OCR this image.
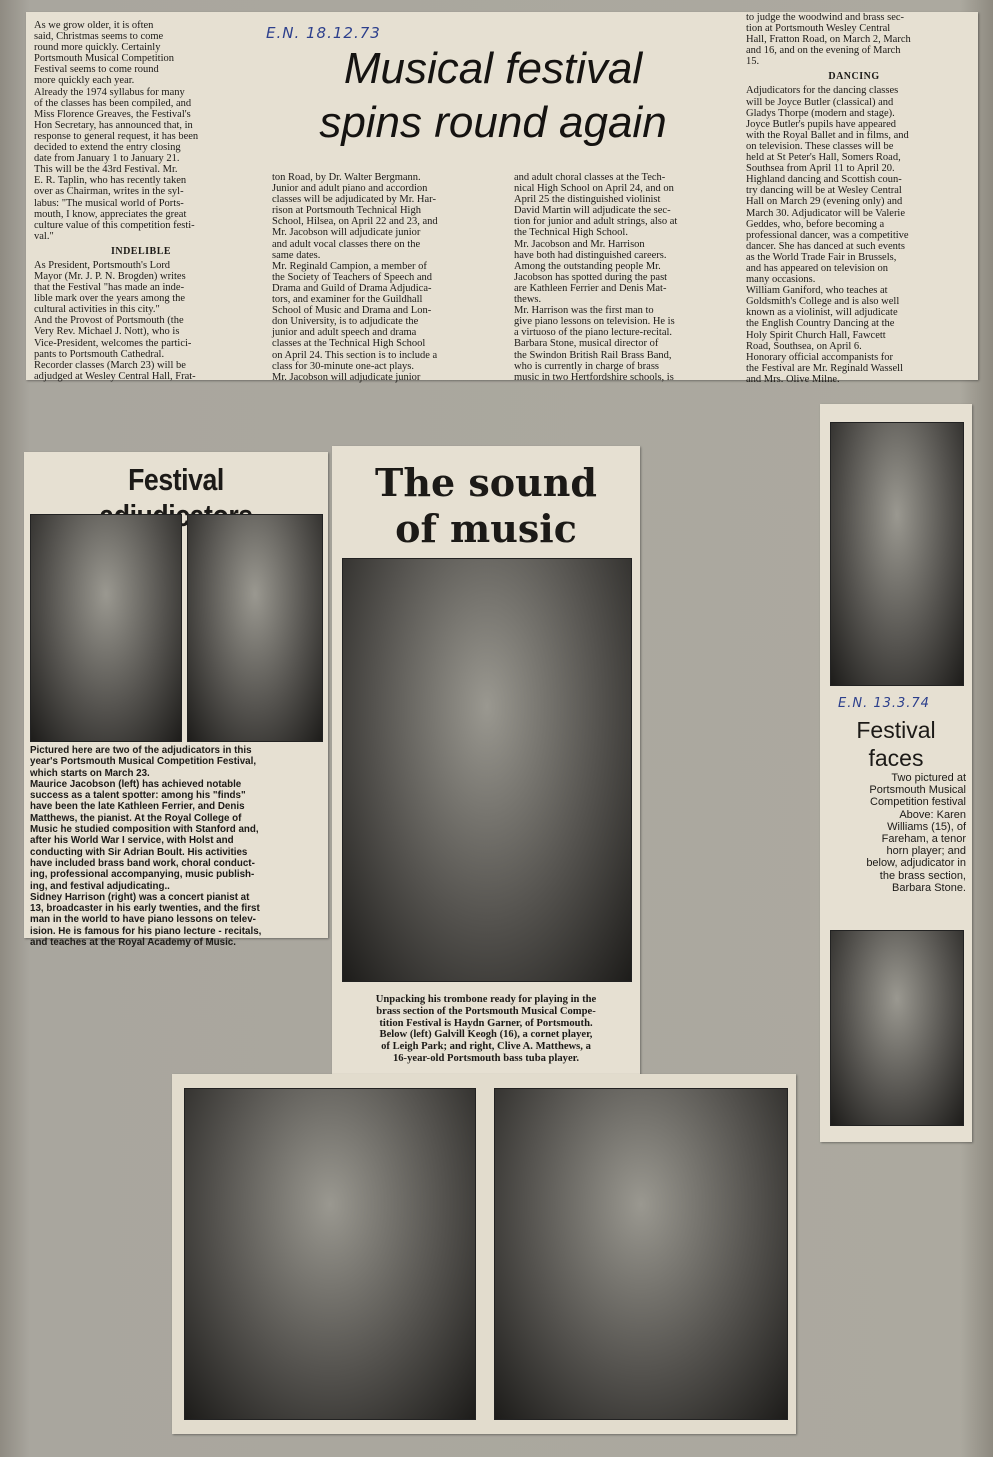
As we grow older, it is often
said, Christmas seems to come
round more quickly. Certainly
Portsmouth Musical Competition
Festival seems to come round
more quickly each year.
Already the 1974 syllabus for many
of the classes has been compiled, and
Miss Florence Greaves, the Festival's
Hon Secretary, has announced that, in
response to general request, it has been
decided to extend the entry closing
date from January 1 to January 21.
This will be the 43rd Festival. Mr.
E. R. Taplin, who has recently taken
over as Chairman, writes in the syl-
labus: "The musical world of Ports-
mouth, I know, appreciates the great
culture value of this competition festi-
val."

INDELIBLE

As President, Portsmouth's Lord
Mayor (Mr. J. P. N. Brogden) writes
that the Festival "has made an inde-
lible mark over the years among the
cultural activities in this city."
And the Provost of Portsmouth (the
Very Rev. Michael J. Nott), who is
Vice-President, welcomes the partici-
pants to Portsmouth Cathedral.
Recorder classes (March 23) will be
adjudged at Wesley Central Hall, Frat-

E.N. 18.12.73
Musical festival
spins round again

ton Road, by Dr. Walter Bergmann.
Junior and adult piano and accordion
classes will be adjudicated by Mr. Har-
rison at Portsmouth Technical High
School, Hilsea, on April 22 and 23, and
Mr. Jacobson will adjudicate junior
and adult vocal classes there on the
same dates.
Mr. Reginald Campion, a member of
the Society of Teachers of Speech and
Drama and Guild of Drama Adjudica-
tors, and examiner for the Guildhall
School of Music and Drama and Lon-
don University, is to adjudicate the
junior and adult speech and drama
classes at the Technical High School
on April 24. This section is to include a
class for 30-minute one-act plays.
Mr. Jacobson will adjudicate junior

and adult choral classes at the Tech-
nical High School on April 24, and on
April 25 the distinguished violinist
David Martin will adjudicate the sec-
tion for junior and adult strings, also at
the Technical High School.
Mr. Jacobson and Mr. Harrison
have both had distinguished careers.
Among the outstanding people Mr.
Jacobson has spotted during the past
are Kathleen Ferrier and Denis Mat-
thews.
Mr. Harrison was the first man to
give piano lessons on television. He is
a virtuoso of the piano lecture-recital.
Barbara Stone, musical director of
the Swindon British Rail Brass Band,
who is currently in charge of brass
music in two Hertfordshire schools, is

to judge the woodwind and brass sec-
tion at Portsmouth Wesley Central
Hall, Fratton Road, on March 2, March
and 16, and on the evening of March
15.

DANCING

Adjudicators for the dancing classes
will be Joyce Butler (classical) and
Gladys Thorpe (modern and stage).
Joyce Butler's pupils have appeared
with the Royal Ballet and in films, and
on television. These classes will be
held at St Peter's Hall, Somers Road,
Southsea from April 11 to April 20.
Highland dancing and Scottish coun-
try dancing will be at Wesley Central
Hall on March 29 (evening only) and
March 30. Adjudicator will be Valerie
Geddes, who, before becoming a
professional dancer, was a competitive
dancer. She has danced at such events
as the World Trade Fair in Brussels,
and has appeared on television on
many occasions.
William Ganiford, who teaches at
Goldsmith's College and is also well
known as a violinist, will adjudicate
the English Country Dancing at the
Holy Spirit Church Hall, Fawcett
Road, Southsea, on April 6.
Honorary official accompanists for
the Festival are Mr. Reginald Wassell
and Mrs. Olive Milne.

Festival

Pictured here are two of the adjudicators in this
year's Portsmouth Musical Competition Festival,
which starts on March 23.
Maurice Jacobson (left) has achieved notable
success as a talent spotter: among his "finds"
have been the late Kathleen Ferrier, and Denis
Matthews, the pianist. At the Royal College of
Music he studied composition with Stanford and,
after his World War I service, with Holst and
conducting with Sir Adrian Boult. His activities
have included brass band work, choral conduct-
ing, professional accompanying, music publish-
ing, and festival adjudicating..
Sidney Harrison (right) was a concert pianist at
13, broadcaster in his early twenties, and the first
man in the world to have piano lessons on telev-
ision. He is famous for his piano lecture - recitals,
and teaches at the Royal Academy of Music.

The sound
of music

Unpacking his trombone ready for playing in the
brass section of the Portsmouth Musical Compe-
tition Festival is Haydn Garner, of Portsmouth.
Below (left) Galvill Keogh (16), a cornet player,
of Leigh Park; and right, Clive A. Matthews, a
16-year-old Portsmouth bass tuba player.

E.N. 13.3.74
Festival
faces

Two pictured at
Portsmouth Musical
Competition festival
Above: Karen
Williams (15), of
Fareham, a tenor
horn player; and
below, adjudicator in
the brass section,
Barbara Stone.
